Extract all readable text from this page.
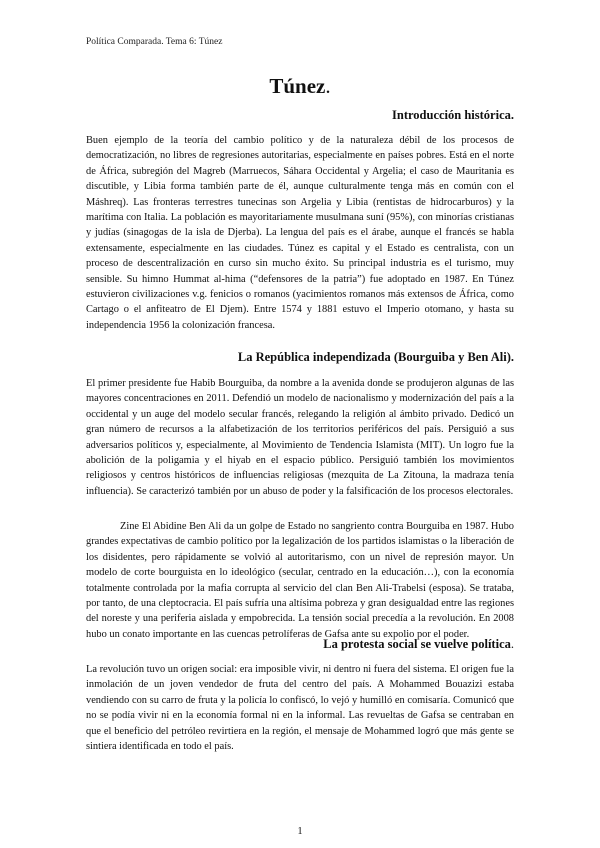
Política Comparada. Tema 6: Túnez
Túnez.
Introducción histórica.

Buen ejemplo de la teoría del cambio político y de la naturaleza débil de los procesos de democratización, no libres de regresiones autoritarias, especialmente en países pobres. Está en el norte de África, subregión del Magreb (Marruecos, Sáhara Occidental y Argelia; el caso de Mauritania es discutible, y Libia forma también parte de él, aunque culturalmente tenga más en común con el Máshreq). Las fronteras terrestres tunecinas son Argelia y Libia (rentistas de hidrocarburos) y la marítima con Italia. La población es mayoritariamente musulmana suní (95%), con minorías cristianas y judías (sinagogas de la isla de Djerba). La lengua del país es el árabe, aunque el francés se habla extensamente, especialmente en las ciudades. Túnez es capital y el Estado es centralista, con un proceso de descentralización en curso sin mucho éxito. Su principal industria es el turismo, muy sensible. Su himno Hummat al-hima (“defensores de la patria”) fue adoptado en 1987. En Túnez estuvieron civilizaciones v.g. fenicios o romanos (yacimientos romanos más extensos de África, como Cartago o el anfiteatro de El Djem). Entre 1574 y 1881 estuvo el Imperio otomano, y hasta su independencia 1956 la colonización francesa.

La República independizada (Bourguiba y Ben Ali).

El primer presidente fue Habib Bourguiba, da nombre a la avenida donde se produjeron algunas de las mayores concentraciones en 2011. Defendió un modelo de nacionalismo y modernización del país a la occidental y un auge del modelo secular francés, relegando la religión al ámbito privado. Dedicó un gran número de recursos a la alfabetización de los territorios periféricos del país. Persiguió a sus adversarios políticos y, especialmente, al Movimiento de Tendencia Islamista (MIT). Un logro fue la abolición de la poligamia y el hiyab en el espacio público. Persiguió también los movimientos religiosos y centros históricos de influencias religiosas (mezquita de La Zitouna, la madraza tenía influencia). Se caracterizó también por un abuso de poder y la falsificación de los procesos electorales.

Zine El Abidine Ben Ali da un golpe de Estado no sangriento contra Bourguiba en 1987. Hubo grandes expectativas de cambio político por la legalización de los partidos islamistas o la liberación de los disidentes, pero rápidamente se volvió al autoritarismo, con un nivel de represión mayor. Un modelo de corte bourguista en lo ideológico (secular, centrado en la educación…), con la economía totalmente controlada por la mafia corrupta al servicio del clan Ben Ali-Trabelsi (esposa). Se trataba, por tanto, de una cleptocracia. El país sufría una altísima pobreza y gran desigualdad entre las regiones del noreste y una periferia aislada y empobrecida. La tensión social precedía a la revolución. En 2008 hubo un conato importante en las cuencas petrolíferas de Gafsa ante su expolio por el poder.

La protesta social se vuelve política.

La revolución tuvo un origen social: era imposible vivir, ni dentro ni fuera del sistema. El origen fue la inmolación de un joven vendedor de fruta del centro del país. A Mohammed Bouazizi estaba vendiendo con su carro de fruta y la policía lo confiscó, lo vejó y humilló en comisaría. Comunicó que no se podía vivir ni en la economía formal ni en la informal. Las revueltas de Gafsa se centraban en que el beneficio del petróleo revirtiera en la región, el mensaje de Mohammed logró que más gente se sintiera identificada en todo el país.

1
